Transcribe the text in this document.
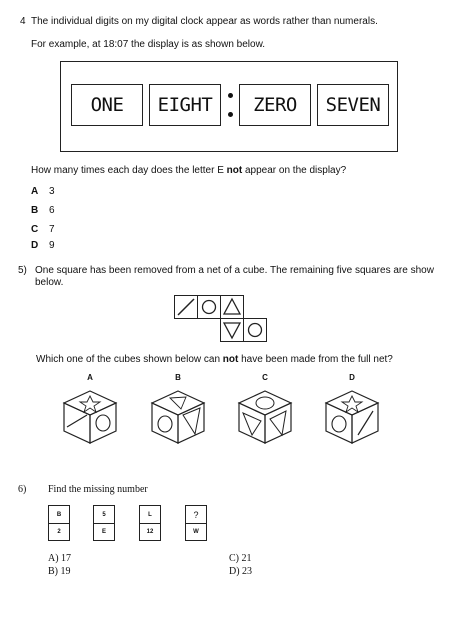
4 The individual digits on my digital clock appear as words rather than numerals.
For example, at 18:07 the display is as shown below.
ONE	EIGHT	ZERO	SEVEN
How many times each day does the letter E not appear on the display?
A 3
B 6
C 7
D 9
5) One square has been removed from a net of a cube. The remaining five squares are show
below.
Which one of the cubes shown below can not have been made from the full net?
A	B	C	D
6) Find the missing number
B
2
5
E
L
12
?
W
A) 17
B) 19
C) 21
D) 23
